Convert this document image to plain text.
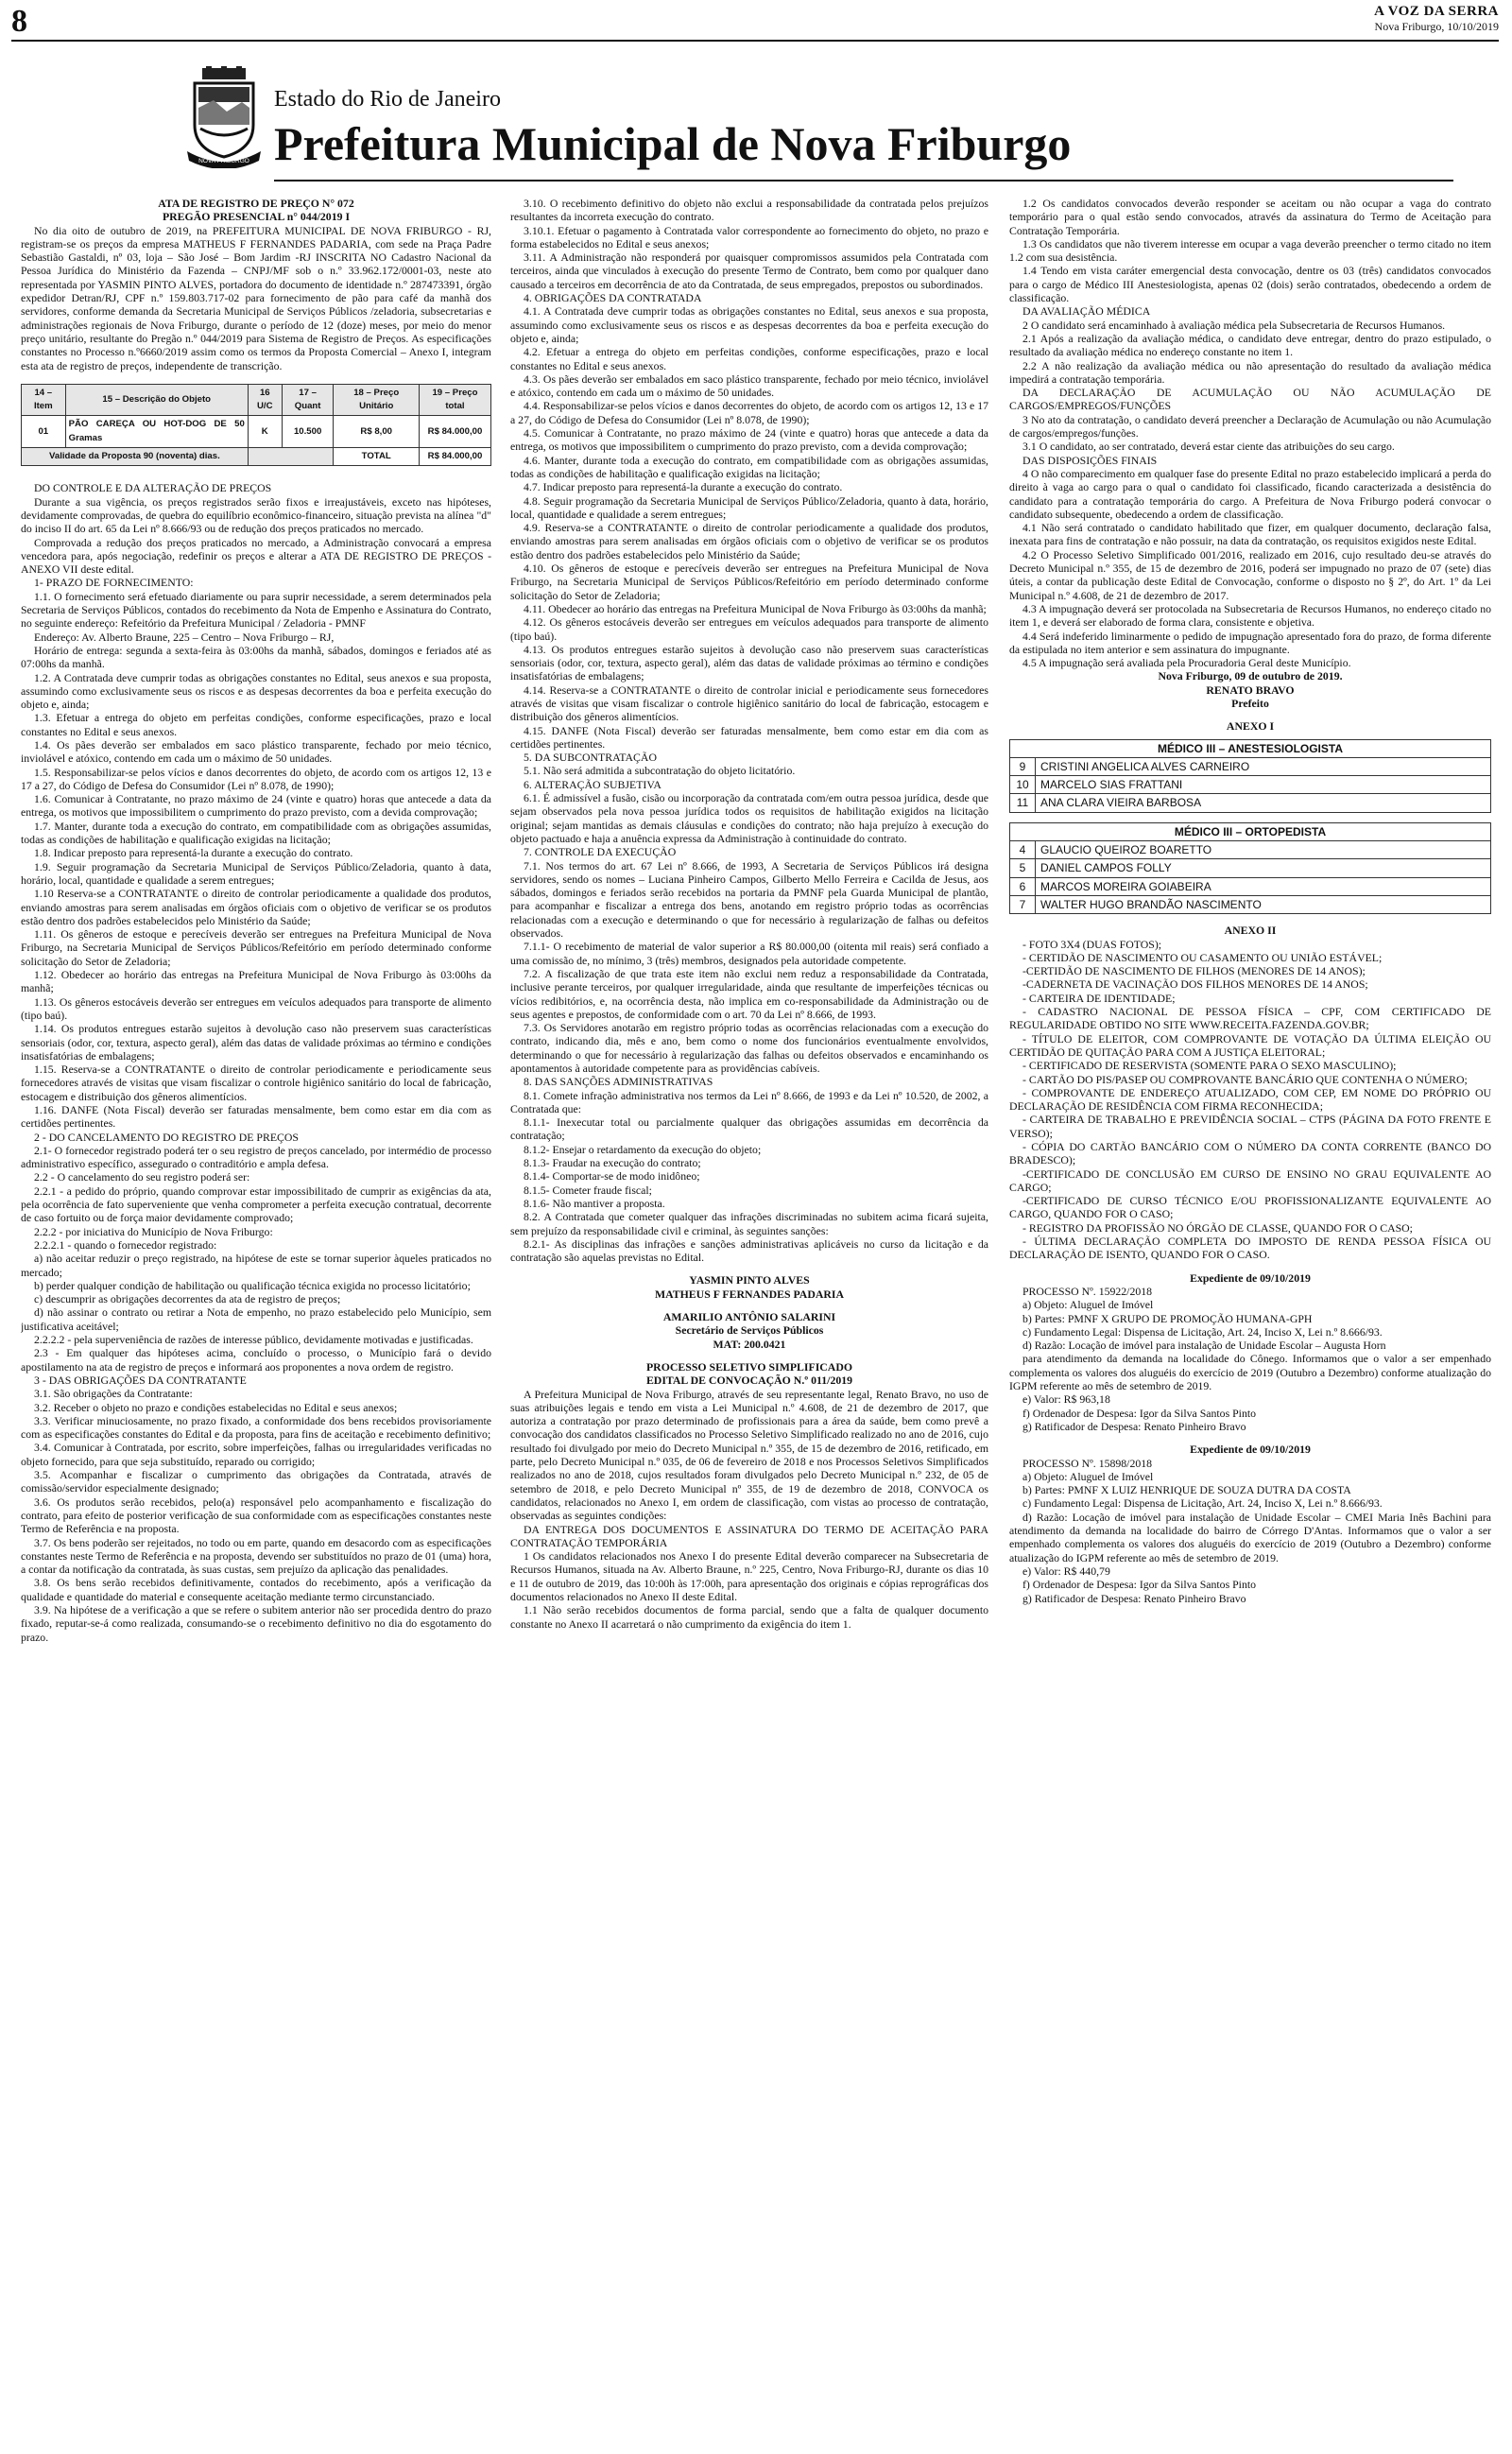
8	A VOZ DA SERRA
Nova Friburgo, 10/10/2019
NOVA FRIBURGO
Estado do Rio de Janeiro
Prefeitura Municipal de Nova Friburgo

ATA DE REGISTRO DE PREÇO N° 072

PREGÃO PRESENCIAL n° 044/2019 I

No dia oito de outubro de 2019, na PREFEITURA MUNICIPAL DE NOVA FRIBURGO - RJ, registram-se os preços da empresa MATHEUS F FERNANDES PADARIA, com sede na Praça Padre Sebastião Gastaldi, nº 03, loja – São José – Bom Jardim -RJ INSCRITA NO Cadastro Nacional da Pessoa Jurídica do Ministério da Fazenda – CNPJ/MF sob o n.º 33.962.172/0001-03, neste ato representada por YASMIN PINTO ALVES, portadora do documento de identidade n.º 287473391, órgão expedidor Detran/RJ, CPF n.º 159.803.717-02 para fornecimento de pão para café da manhã dos servidores, conforme demanda da Secretaria Municipal de Serviços Públicos /zeladoria, subsecretarias e administrações regionais de Nova Friburgo, durante o período de 12 (doze) meses, por meio do menor preço unitário, resultante do Pregão n.º 044/2019 para Sistema de Registro de Preços. As especificações constantes no Processo n.º6660/2019 assim como os termos da Proposta Comercial – Anexo I, integram esta ata de registro de preços, independente de transcrição.

14 – Item	15 – Descrição do Objeto	16 U/C	17 – Quant	18 – Preço Unitário	19 – Preço total
01	PÃO CAREÇA OU HOT-DOG DE 50 Gramas	K	10.500	R$ 8,00	R$ 84.000,00
Validade da Proposta 90 (noventa) dias.				TOTAL	R$ 84.000,00

DO CONTROLE E DA ALTERAÇÃO DE PREÇOS

Durante a sua vigência, os preços registrados serão fixos e irreajustáveis, exceto nas hipóteses, devidamente comprovadas, de quebra do equilíbrio econômico-financeiro, situação prevista na alínea "d" do inciso II do art. 65 da Lei nº 8.666/93 ou de redução dos preços praticados no mercado.

Comprovada a redução dos preços praticados no mercado, a Administração convocará a empresa vencedora para, após negociação, redefinir os preços e alterar a ATA DE REGISTRO DE PREÇOS - ANEXO VII deste edital.

1- PRAZO DE FORNECIMENTO:

1.1. O fornecimento será efetuado diariamente ou para suprir necessidade, a serem determinados pela Secretaria de Serviços Públicos, contados do recebimento da Nota de Empenho e Assinatura do Contrato, no seguinte endereço: Refeitório da Prefeitura Municipal / Zeladoria - PMNF

Endereço: Av. Alberto Braune, 225 – Centro – Nova Friburgo – RJ,

Horário de entrega: segunda a sexta-feira às 03:00hs da manhã, sábados, domingos e feriados até as 07:00hs da manhã.

1.2. A Contratada deve cumprir todas as obrigações constantes no Edital, seus anexos e sua proposta, assumindo como exclusivamente seus os riscos e as despesas decorrentes da boa e perfeita execução do objeto e, ainda;

1.3. Efetuar a entrega do objeto em perfeitas condições, conforme especificações, prazo e local constantes no Edital e seus anexos.

1.4. Os pães deverão ser embalados em saco plástico transparente, fechado por meio técnico, inviolável e atóxico, contendo em cada um o máximo de 50 unidades.

1.5. Responsabilizar-se pelos vícios e danos decorrentes do objeto, de acordo com os artigos 12, 13 e 17 a 27, do Código de Defesa do Consumidor (Lei nº 8.078, de 1990);

1.6. Comunicar à Contratante, no prazo máximo de 24 (vinte e quatro) horas que antecede a data da entrega, os motivos que impossibilitem o cumprimento do prazo previsto, com a devida comprovação;

1.7. Manter, durante toda a execução do contrato, em compatibilidade com as obrigações assumidas, todas as condições de habilitação e qualificação exigidas na licitação;

1.8. Indicar preposto para representá-la durante a execução do contrato.

1.9. Seguir programação da Secretaria Municipal de Serviços Público/Zeladoria, quanto à data, horário, local, quantidade e qualidade a serem entregues;

1.10 Reserva-se a CONTRATANTE o direito de controlar periodicamente a qualidade dos produtos, enviando amostras para serem analisadas em órgãos oficiais com o objetivo de verificar se os produtos estão dentro dos padrões estabelecidos pelo Ministério da Saúde;

1.11. Os gêneros de estoque e perecíveis deverão ser entregues na Prefeitura Municipal de Nova Friburgo, na Secretaria Municipal de Serviços Públicos/Refeitório em período determinado conforme solicitação do Setor de Zeladoria;

1.12. Obedecer ao horário das entregas na Prefeitura Municipal de Nova Friburgo às 03:00hs da manhã;

1.13. Os gêneros estocáveis deverão ser entregues em veículos adequados para transporte de alimento (tipo baú).

1.14. Os produtos entregues estarão sujeitos à devolução caso não preservem suas características sensoriais (odor, cor, textura, aspecto geral), além das datas de validade próximas ao término e condições insatisfatórias de embalagens;

1.15. Reserva-se a CONTRATANTE o direito de controlar periodicamente e periodicamente seus fornecedores através de visitas que visam fiscalizar o controle higiênico sanitário do local de fabricação, estocagem e distribuição dos gêneros alimentícios.

1.16. DANFE (Nota Fiscal) deverão ser faturadas mensalmente, bem como estar em dia com as certidões pertinentes.

2 - DO CANCELAMENTO DO REGISTRO DE PREÇOS

2.1- O fornecedor registrado poderá ter o seu registro de preços cancelado, por intermédio de processo administrativo específico, assegurado o contraditório e ampla defesa.

2.2 - O cancelamento do seu registro poderá ser:

2.2.1 - a pedido do próprio, quando comprovar estar impossibilitado de cumprir as exigências da ata, pela ocorrência de fato superveniente que venha comprometer a perfeita execução contratual, decorrente de caso fortuito ou de força maior devidamente comprovado;

2.2.2 - por iniciativa do Município de Nova Friburgo:

2.2.2.1 - quando o fornecedor registrado:

a) não aceitar reduzir o preço registrado, na hipótese de este se tornar superior àqueles praticados no mercado;

b) perder qualquer condição de habilitação ou qualificação técnica exigida no processo licitatório;

c) descumprir as obrigações decorrentes da ata de registro de preços;

d) não assinar o contrato ou retirar a Nota de empenho, no prazo estabelecido pelo Município, sem justificativa aceitável;

2.2.2.2 - pela superveniência de razões de interesse público, devidamente motivadas e justificadas.

2.3 - Em qualquer das hipóteses acima, concluído o processo, o Município fará o devido apostilamento na ata de registro de preços e informará aos proponentes a nova ordem de registro.

3 - DAS OBRIGAÇÕES DA CONTRATANTE

3.1. São obrigações da Contratante:

3.2. Receber o objeto no prazo e condições estabelecidas no Edital e seus anexos;

3.3. Verificar minuciosamente, no prazo fixado, a conformidade dos bens recebidos provisoriamente com as especificações constantes do Edital e da proposta, para fins de aceitação e recebimento definitivo;

3.4. Comunicar à Contratada, por escrito, sobre imperfeições, falhas ou irregularidades verificadas no objeto fornecido, para que seja substituído, reparado ou corrigido;

3.5. Acompanhar e fiscalizar o cumprimento das obrigações da Contratada, através de comissão/servidor especialmente designado;

3.6. Os produtos serão recebidos, pelo(a) responsável pelo acompanhamento e fiscalização do contrato, para efeito de posterior verificação de sua conformidade com as especificações constantes neste Termo de Referência e na proposta.

3.7. Os bens poderão ser rejeitados, no todo ou em parte, quando em desacordo com as especificações constantes neste Termo de Referência e na proposta, devendo ser substituídos no prazo de 01 (uma) hora, a contar da notificação da contratada, às suas custas, sem prejuízo da aplicação das penalidades.

3.8. Os bens serão recebidos definitivamente, contados do recebimento, após a verificação da qualidade e quantidade do material e consequente aceitação mediante termo circunstanciado.

3.9. Na hipótese de a verificação a que se refere o subitem anterior não ser procedida dentro do prazo fixado, reputar-se-á como realizada, consumando-se o recebimento definitivo no dia do esgotamento do prazo.

3.10. O recebimento definitivo do objeto não exclui a responsabilidade da contratada pelos prejuízos resultantes da incorreta execução do contrato.

3.10.1. Efetuar o pagamento à Contratada valor correspondente ao fornecimento do objeto, no prazo e forma estabelecidos no Edital e seus anexos;

3.11. A Administração não responderá por quaisquer compromissos assumidos pela Contratada com terceiros, ainda que vinculados à execução do presente Termo de Contrato, bem como por qualquer dano causado a terceiros em decorrência de ato da Contratada, de seus empregados, prepostos ou subordinados.

4. OBRIGAÇÕES DA CONTRATADA

4.1. A Contratada deve cumprir todas as obrigações constantes no Edital, seus anexos e sua proposta, assumindo como exclusivamente seus os riscos e as despesas decorrentes da boa e perfeita execução do objeto e, ainda;

4.2. Efetuar a entrega do objeto em perfeitas condições, conforme especificações, prazo e local constantes no Edital e seus anexos.

4.3. Os pães deverão ser embalados em saco plástico transparente, fechado por meio técnico, inviolável e atóxico, contendo em cada um o máximo de 50 unidades.

4.4. Responsabilizar-se pelos vícios e danos decorrentes do objeto, de acordo com os artigos 12, 13 e 17 a 27, do Código de Defesa do Consumidor (Lei nº 8.078, de 1990);

4.5. Comunicar à Contratante, no prazo máximo de 24 (vinte e quatro) horas que antecede a data da entrega, os motivos que impossibilitem o cumprimento do prazo previsto, com a devida comprovação;

4.6. Manter, durante toda a execução do contrato, em compatibilidade com as obrigações assumidas, todas as condições de habilitação e qualificação exigidas na licitação;

4.7. Indicar preposto para representá-la durante a execução do contrato.

4.8. Seguir programação da Secretaria Municipal de Serviços Público/Zeladoria, quanto à data, horário, local, quantidade e qualidade a serem entregues;

4.9. Reserva-se a CONTRATANTE o direito de controlar periodicamente a qualidade dos produtos, enviando amostras para serem analisadas em órgãos oficiais com o objetivo de verificar se os produtos estão dentro dos padrões estabelecidos pelo Ministério da Saúde;

4.10. Os gêneros de estoque e perecíveis deverão ser entregues na Prefeitura Municipal de Nova Friburgo, na Secretaria Municipal de Serviços Públicos/Refeitório em período determinado conforme solicitação do Setor de Zeladoria;

4.11. Obedecer ao horário das entregas na Prefeitura Municipal de Nova Friburgo às 03:00hs da manhã;

4.12. Os gêneros estocáveis deverão ser entregues em veículos adequados para transporte de alimento (tipo baú).

4.13. Os produtos entregues estarão sujeitos à devolução caso não preservem suas características sensoriais (odor, cor, textura, aspecto geral), além das datas de validade próximas ao término e condições insatisfatórias de embalagens;

4.14. Reserva-se a CONTRATANTE o direito de controlar inicial e periodicamente seus fornecedores através de visitas que visam fiscalizar o controle higiênico sanitário do local de fabricação, estocagem e distribuição dos gêneros alimentícios.

4.15. DANFE (Nota Fiscal) deverão ser faturadas mensalmente, bem como estar em dia com as certidões pertinentes.

5. DA SUBCONTRATAÇÃO

5.1. Não será admitida a subcontratação do objeto licitatório.

6. ALTERAÇÃO SUBJETIVA

6.1. É admissível a fusão, cisão ou incorporação da contratada com/em outra pessoa jurídica, desde que sejam observados pela nova pessoa jurídica todos os requisitos de habilitação exigidos na licitação original; sejam mantidas as demais cláusulas e condições do contrato; não haja prejuízo à execução do objeto pactuado e haja a anuência expressa da Administração à continuidade do contrato.

7. CONTROLE DA EXECUÇÃO

7.1. Nos termos do art. 67 Lei nº 8.666, de 1993, A Secretaria de Serviços Públicos irá designa servidores, sendo os nomes – Luciana Pinheiro Campos, Gilberto Mello Ferreira e Cacilda de Jesus, aos sábados, domingos e feriados serão recebidos na portaria da PMNF pela Guarda Municipal de plantão, para acompanhar e fiscalizar a entrega dos bens, anotando em registro próprio todas as ocorrências relacionadas com a execução e determinando o que for necessário à regularização de falhas ou defeitos observados.

7.1.1- O recebimento de material de valor superior a R$ 80.000,00 (oitenta mil reais) será confiado a uma comissão de, no mínimo, 3 (três) membros, designados pela autoridade competente.

7.2. A fiscalização de que trata este item não exclui nem reduz a responsabilidade da Contratada, inclusive perante terceiros, por qualquer irregularidade, ainda que resultante de imperfeições técnicas ou vícios redibitórios, e, na ocorrência desta, não implica em co-responsabilidade da Administração ou de seus agentes e prepostos, de conformidade com o art. 70 da Lei nº 8.666, de 1993.

7.3. Os Servidores anotarão em registro próprio todas as ocorrências relacionadas com a execução do contrato, indicando dia, mês e ano, bem como o nome dos funcionários eventualmente envolvidos, determinando o que for necessário à regularização das falhas ou defeitos observados e encaminhando os apontamentos à autoridade competente para as providências cabíveis.

8. DAS SANÇÕES ADMINISTRATIVAS

8.1. Comete infração administrativa nos termos da Lei nº 8.666, de 1993 e da Lei nº 10.520, de 2002, a Contratada que:

8.1.1- Inexecutar total ou parcialmente qualquer das obrigações assumidas em decorrência da contratação;

8.1.2- Ensejar o retardamento da execução do objeto;

8.1.3- Fraudar na execução do contrato;

8.1.4- Comportar-se de modo inidôneo;

8.1.5- Cometer fraude fiscal;

8.1.6- Não mantiver a proposta.

8.2. A Contratada que cometer qualquer das infrações discriminadas no subitem acima ficará sujeita, sem prejuízo da responsabilidade civil e criminal, às seguintes sanções:

8.2.1- As disciplinas das infrações e sanções administrativas aplicáveis no curso da licitação e da contratação são aquelas previstas no Edital.

YASMIN PINTO ALVES

MATHEUS F FERNANDES PADARIA

AMARILIO ANTÔNIO SALARINI

Secretário de Serviços Públicos

MAT: 200.0421

PROCESSO SELETIVO SIMPLIFICADO

EDITAL DE CONVOCAÇÃO N.º 011/2019

A Prefeitura Municipal de Nova Friburgo, através de seu representante legal, Renato Bravo, no uso de suas atribuições legais e tendo em vista a Lei Municipal n.º 4.608, de 21 de dezembro de 2017, que autoriza a contratação por prazo determinado de profissionais para a área da saúde, bem como prevê a convocação dos candidatos classificados no Processo Seletivo Simplificado realizado no ano de 2016, cujo resultado foi divulgado por meio do Decreto Municipal n.º 355, de 15 de dezembro de 2016, retificado, em parte, pelo Decreto Municipal n.º 035, de 06 de fevereiro de 2018 e nos Processos Seletivos Simplificados realizados no ano de 2018, cujos resultados foram divulgados pelo Decreto Municipal n.º 232, de 05 de setembro de 2018, e pelo Decreto Municipal nº 355, de 19 de dezembro de 2018, CONVOCA os candidatos, relacionados no Anexo I, em ordem de classificação, com vistas ao processo de contratação, observadas as seguintes condições:

DA ENTREGA DOS DOCUMENTOS E ASSINATURA DO TERMO DE ACEITAÇÃO PARA CONTRATAÇÃO TEMPORÁRIA

1 Os candidatos relacionados nos Anexo I do presente Edital deverão comparecer na Subsecretaria de Recursos Humanos, situada na Av. Alberto Braune, n.º 225, Centro, Nova Friburgo-RJ, durante os dias 10 e 11 de outubro de 2019, das 10:00h às 17:00h, para apresentação dos originais e cópias reprográficas dos documentos relacionados no Anexo II deste Edital.

1.1 Não serão recebidos documentos de forma parcial, sendo que a falta de qualquer documento constante no Anexo II acarretará o não cumprimento da exigência do item 1.

1.2 Os candidatos convocados deverão responder se aceitam ou não ocupar a vaga do contrato temporário para o qual estão sendo convocados, através da assinatura do Termo de Aceitação para Contratação Temporária.

1.3 Os candidatos que não tiverem interesse em ocupar a vaga deverão preencher o termo citado no item 1.2 com sua desistência.

1.4 Tendo em vista caráter emergencial desta convocação, dentre os 03 (três) candidatos convocados para o cargo de Médico III Anestesiologista, apenas 02 (dois) serão contratados, obedecendo a ordem de classificação.

DA AVALIAÇÃO MÉDICA

2 O candidato será encaminhado à avaliação médica pela Subsecretaria de Recursos Humanos.

2.1 Após a realização da avaliação médica, o candidato deve entregar, dentro do prazo estipulado, o resultado da avaliação médica no endereço constante no item 1.

2.2 A não realização da avaliação médica ou não apresentação do resultado da avaliação médica impedirá a contratação temporária.

DA DECLARAÇÃO DE ACUMULAÇÃO OU NÃO ACUMULAÇÃO DE CARGOS/EMPREGOS/FUNÇÕES

3 No ato da contratação, o candidato deverá preencher a Declaração de Acumulação ou não Acumulação de cargos/empregos/funções.

3.1 O candidato, ao ser contratado, deverá estar ciente das atribuições do seu cargo.

DAS DISPOSIÇÕES FINAIS

4 O não comparecimento em qualquer fase do presente Edital no prazo estabelecido implicará a perda do direito à vaga ao cargo para o qual o candidato foi classificado, ficando caracterizada a desistência do candidato para a contratação temporária do cargo. A Prefeitura de Nova Friburgo poderá convocar o candidato subsequente, obedecendo a ordem de classificação.

4.1 Não será contratado o candidato habilitado que fizer, em qualquer documento, declaração falsa, inexata para fins de contratação e não possuir, na data da contratação, os requisitos exigidos neste Edital.

4.2 O Processo Seletivo Simplificado 001/2016, realizado em 2016, cujo resultado deu-se através do Decreto Municipal n.º 355, de 15 de dezembro de 2016, poderá ser impugnado no prazo de 07 (sete) dias úteis, a contar da publicação deste Edital de Convocação, conforme o disposto no § 2º, do Art. 1º da Lei Municipal n.º 4.608, de 21 de dezembro de 2017.

4.3 A impugnação deverá ser protocolada na Subsecretaria de Recursos Humanos, no endereço citado no item 1, e deverá ser elaborado de forma clara, consistente e objetiva.

4.4 Será indeferido liminarmente o pedido de impugnação apresentado fora do prazo, de forma diferente da estipulada no item anterior e sem assinatura do impugnante.

4.5 A impugnação será avaliada pela Procuradoria Geral deste Município.

Nova Friburgo, 09 de outubro de 2019.

RENATO BRAVO

Prefeito

ANEXO I

MÉDICO III – ANESTESIOLOGISTA	
9	CRISTINI ANGELICA ALVES CARNEIRO
10	MARCELO SIAS FRATTANI
11	ANA CLARA VIEIRA BARBOSA
MÉDICO III – ORTOPEDISTA	
4	GLAUCIO QUEIROZ BOARETTO
5	DANIEL CAMPOS FOLLY
6	MARCOS MOREIRA GOIABEIRA
7	WALTER HUGO BRANDÃO NASCIMENTO

ANEXO II

- FOTO 3X4 (DUAS FOTOS);

- CERTIDÃO DE NASCIMENTO OU CASAMENTO OU UNIÃO ESTÁVEL;

-CERTIDÃO DE NASCIMENTO DE FILHOS (MENORES DE 14 ANOS);

-CADERNETA DE VACINAÇÃO DOS FILHOS MENORES DE 14 ANOS;

- CARTEIRA DE IDENTIDADE;

- CADASTRO NACIONAL DE PESSOA FÍSICA – CPF, COM CERTIFICADO DE REGULARIDADE OBTIDO NO SITE WWW.RECEITA.FAZENDA.GOV.BR;

- TÍTULO DE ELEITOR, COM COMPROVANTE DE VOTAÇÃO DA ÚLTIMA ELEIÇÃO OU CERTIDÃO DE QUITAÇÃO PARA COM A JUSTIÇA ELEITORAL;

- CERTIFICADO DE RESERVISTA (SOMENTE PARA O SEXO MASCULINO);

- CARTÃO DO PIS/PASEP OU COMPROVANTE BANCÁRIO QUE CONTENHA O NÚMERO;

- COMPROVANTE DE ENDEREÇO ATUALIZADO, COM CEP, EM NOME DO PRÓPRIO OU DECLARAÇÃO DE RESIDÊNCIA COM FIRMA RECONHECIDA;

- CARTEIRA DE TRABALHO E PREVIDÊNCIA SOCIAL – CTPS (PÁGINA DA FOTO FRENTE E VERSO);

- CÓPIA DO CARTÃO BANCÁRIO COM O NÚMERO DA CONTA CORRENTE (BANCO DO BRADESCO);

-CERTIFICADO DE CONCLUSÃO EM CURSO DE ENSINO NO GRAU EQUIVALENTE AO CARGO;

-CERTIFICADO DE CURSO TÉCNICO E/OU PROFISSIONALIZANTE EQUIVALENTE AO CARGO, QUANDO FOR O CASO;

- REGISTRO DA PROFISSÃO NO ÓRGÃO DE CLASSE, QUANDO FOR O CASO;

- ÚLTIMA DECLARAÇÃO COMPLETA DO IMPOSTO DE RENDA PESSOA FÍSICA OU DECLARAÇÃO DE ISENTO, QUANDO FOR O CASO.

Expediente de 09/10/2019

PROCESSO Nº. 15922/2018

a) Objeto: Aluguel de Imóvel

b) Partes: PMNF X GRUPO DE PROMOÇÃO HUMANA-GPH

c) Fundamento Legal: Dispensa de Licitação, Art. 24, Inciso X, Lei n.º 8.666/93.

d) Razão: Locação de imóvel para instalação de Unidade Escolar – Augusta Horn

para atendimento da demanda na localidade do Cônego. Informamos que o valor a ser empenhado complementa os valores dos aluguéis do exercício de 2019 (Outubro a Dezembro) conforme atualização do IGPM referente ao mês de setembro de 2019.

e) Valor: R$ 963,18

f) Ordenador de Despesa: Igor da Silva Santos Pinto

g) Ratificador de Despesa: Renato Pinheiro Bravo

Expediente de 09/10/2019

PROCESSO Nº. 15898/2018

a) Objeto: Aluguel de Imóvel

b) Partes: PMNF X LUIZ HENRIQUE DE SOUZA DUTRA DA COSTA

c) Fundamento Legal: Dispensa de Licitação, Art. 24, Inciso X, Lei n.º 8.666/93.

d) Razão: Locação de imóvel para instalação de Unidade Escolar – CMEI Maria Inês Bachini para atendimento da demanda na localidade do bairro de Córrego D'Antas. Informamos que o valor a ser empenhado complementa os valores dos aluguéis do exercício de 2019 (Outubro a Dezembro) conforme atualização do IGPM referente ao mês de setembro de 2019.

e) Valor: R$ 440,79

f) Ordenador de Despesa: Igor da Silva Santos Pinto

g) Ratificador de Despesa: Renato Pinheiro Bravo
